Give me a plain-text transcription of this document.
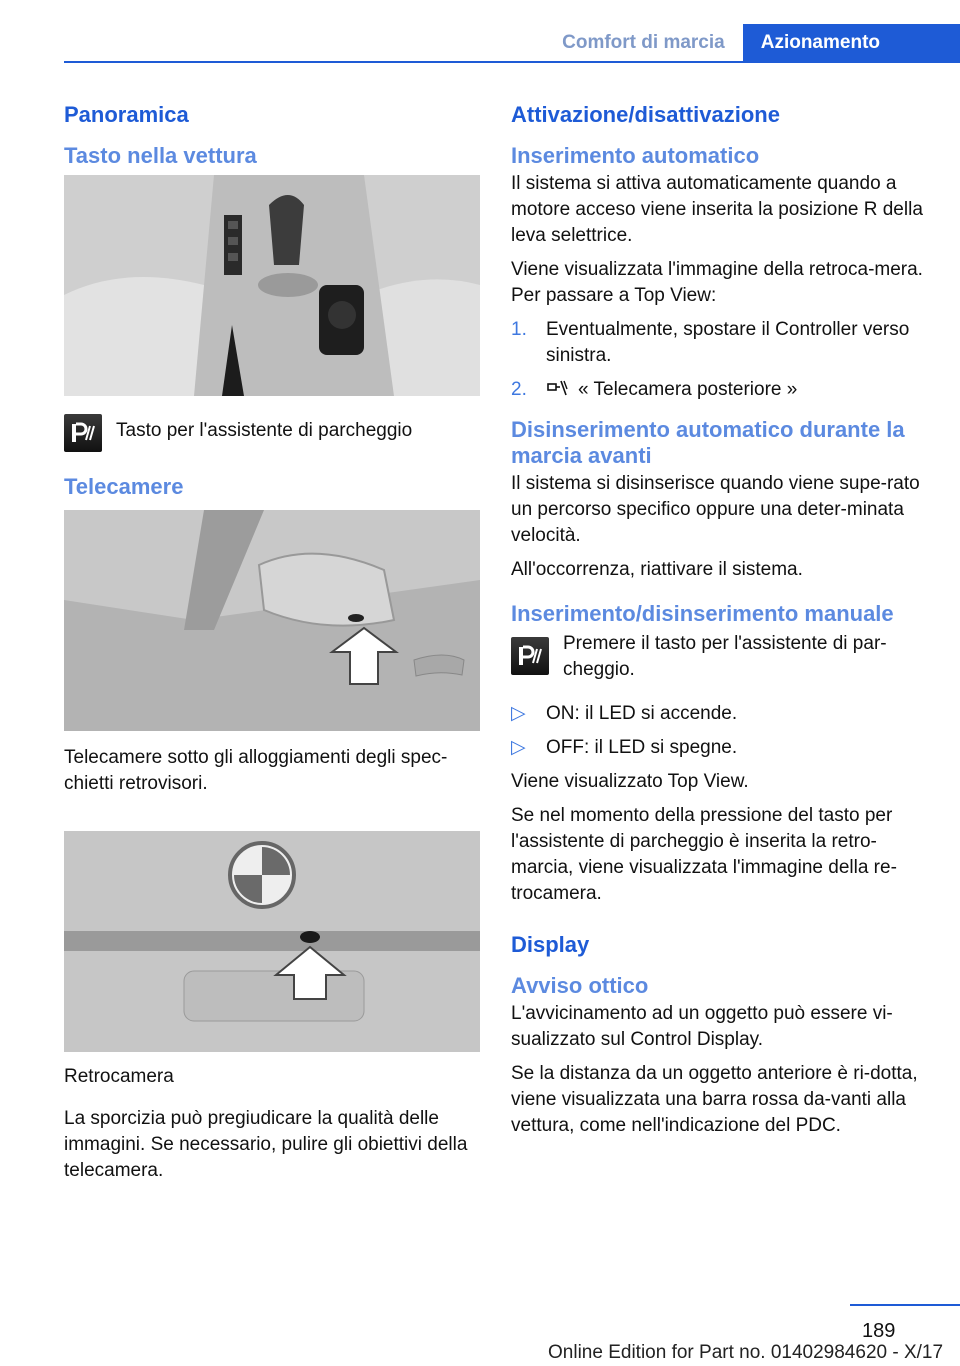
Comfort di marcia	Azionamento
Panoramica
Tasto nella vettura
Tasto per l'assistente di parcheggio
Telecamere

Telecamere sotto gli alloggiamenti degli spec-chietti retrovisori.

Retrocamera

La sporcizia può pregiudicare la qualità delle immagini. Se necessario, pulire gli obiettivi della telecamera.

Attivazione/disattivazione
Inserimento automatico

Il sistema si attiva automaticamente quando a motore acceso viene inserita la posizione R della leva selettrice.

Viene visualizzata l'immagine della retroca-mera. Per passare a Top View:

1.	Eventualmente, spostare il Controller verso sinistra.
2.	« Telecamera posteriore »
Disinserimento automatico durante la marcia avanti

Il sistema si disinserisce quando viene supe-rato un percorso specifico oppure una deter-minata velocità.

All'occorrenza, riattivare il sistema.

Inserimento/disinserimento manuale
Premere il tasto per l'assistente di par-cheggio.
▷	ON: il LED si accende.
▷	OFF: il LED si spegne.

Viene visualizzato Top View.

Se nel momento della pressione del tasto per l'assistente di parcheggio è inserita la retro-marcia, viene visualizzata l'immagine della re-trocamera.

Display
Avviso ottico

L'avvicinamento ad un oggetto può essere vi-sualizzato sul Control Display.

Se la distanza da un oggetto anteriore è ri-dotta, viene visualizzata una barra rossa da-vanti alla vettura, come nell'indicazione del PDC.

189
Online Edition for Part no. 01402984620 - X/17
